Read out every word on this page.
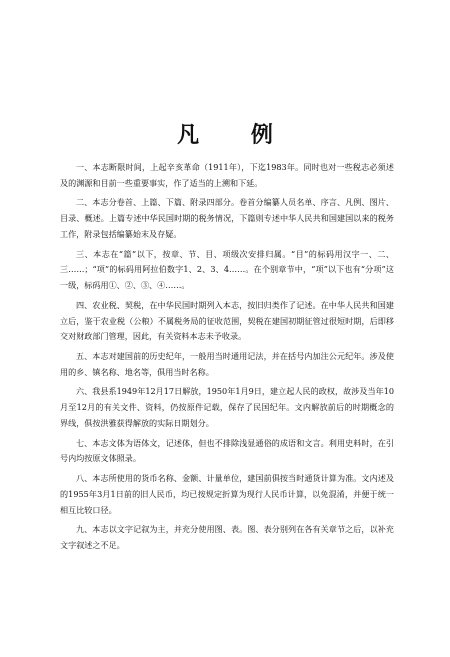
凡 例

一、本志断限时间，上起辛亥革命（1911年），下迄1983年。同时也对一些税志必须述及的渊源和目前一些重要事实，作了适当的上溯和下延。

二、本志分卷首、上篇、下篇、附录四部分。卷首分编纂人员名单、序言、凡例、图片、目录、概述。上篇专述中华民国时期的税务情况，下篇则专述中华人民共和国建国以来的税务工作，附录包括编纂始末及存疑。

三、本志在“篇”以下，按章、节、目、项级次安排归属。“目”的标码用汉字一、二、三……；“项”的标码用阿拉伯数字1、2、3、4……。在个别章节中，“项”以下也有“分项”这一级，标码用①、②、③、④……。

四、农业税、契税，在中华民国时期列入本志，按旧归类作了记述。在中华人民共和国建立后，鉴于农业税（公粮）不属税务局的征收范围，契税在建国初期征管过很短时期，后即移交对财政部门管理，因此，有关资料本志未予收录。

五、本志对建国前的历史纪年，一般用当时通用记法，并在括号内加注公元纪年。涉及使用的乡、镇名称、地名等，俱用当时名称。

六、我县系1949年12月17日解放，1950年1月9日，建立起人民的政权，故涉及当年10月至12月的有关文件、资料，仍按原件记载，保存了民国纪年。文内解放前后的时期概念的界线，俱按洪雅获得解放的实际日期划分。

七、本志文体为语体文，记述体，但也不排除浅显通俗的成语和文言。利用史料时，在引号内均按原文体照录。

八、本志所使用的货币名称、金额、计量单位，建国前俱按当时通货计算为准。文内述及的1955年3月1日前的旧人民币，均已按规定折算为现行人民币计算，以免混淆，并便于统一相互比较口径。

九、本志以文字记叙为主，并充分使用图、表。图、表分别列在各有关章节之后，以补充文字叙述之不足。
